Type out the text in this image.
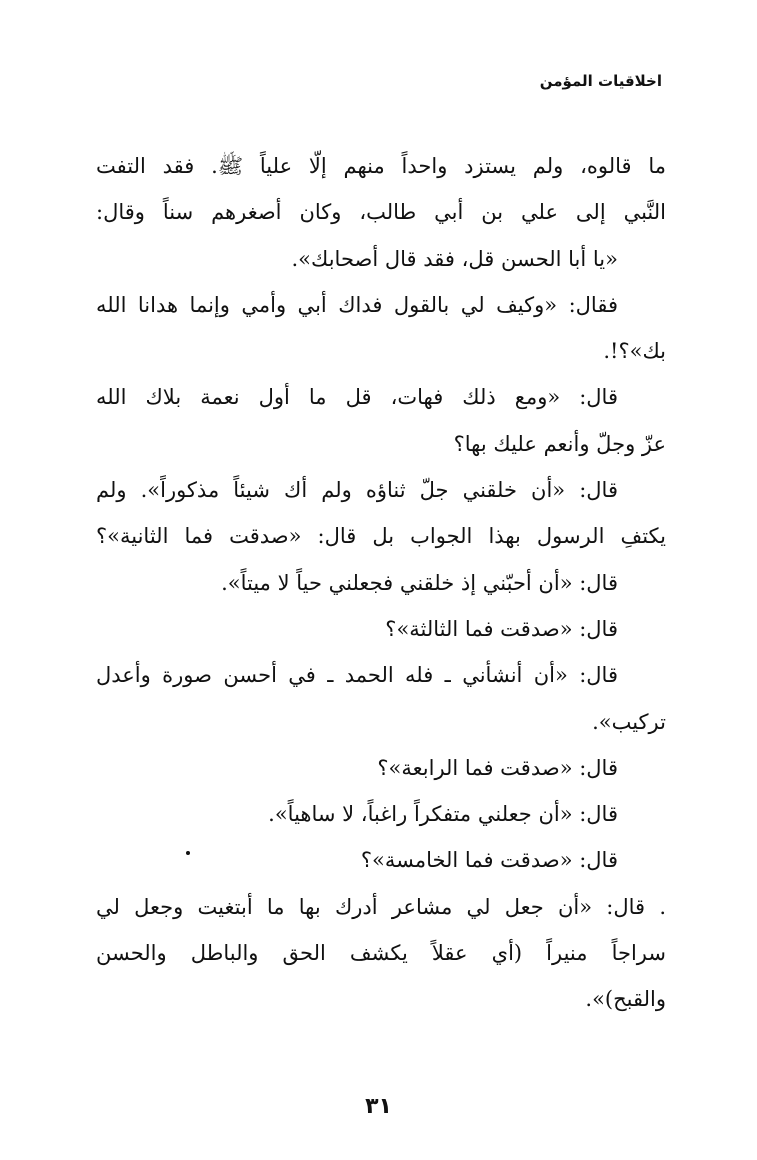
اخلاقيات المؤمن
ما قالوه، ولم يستزد واحداً منهم إلّا علياً ﷺ. فقد التفت
النَّبي إلى علي بن أبي طالب، وكان أصغرهم سناً وقال:
«يا أبا الحسن قل، فقد قال أصحابك».
فقال: «وكيف لي بالقول فداك أبي وأمي وإنما هدانا الله
بك»؟!.
قال: «ومع ذلك فهات، قل ما أول نعمة بلاك الله
عزّ وجلّ وأنعم عليك بها؟
قال: «أن خلقني جلّ ثناؤه ولم أك شيئاً مذكوراً». ولم
يكتفِ الرسول بهذا الجواب بل قال: «صدقت فما الثانية»؟
قال: «أن أحبّني إذ خلقني فجعلني حياً لا ميتاً».
قال: «صدقت فما الثالثة»؟
قال: «أن أنشأني ـ فله الحمد ـ في أحسن صورة وأعدل
تركيب».
قال: «صدقت فما الرابعة»؟
قال: «أن جعلني متفكراً راغباً، لا ساهياً».
قال: «صدقت فما الخامسة»؟
. قال: «أن جعل لي مشاعر أدرك بها ما أبتغيت وجعل لي
سراجاً منيراً (أي عقلاً يكشف الحق والباطل والحسن
والقبح)».
٣١
